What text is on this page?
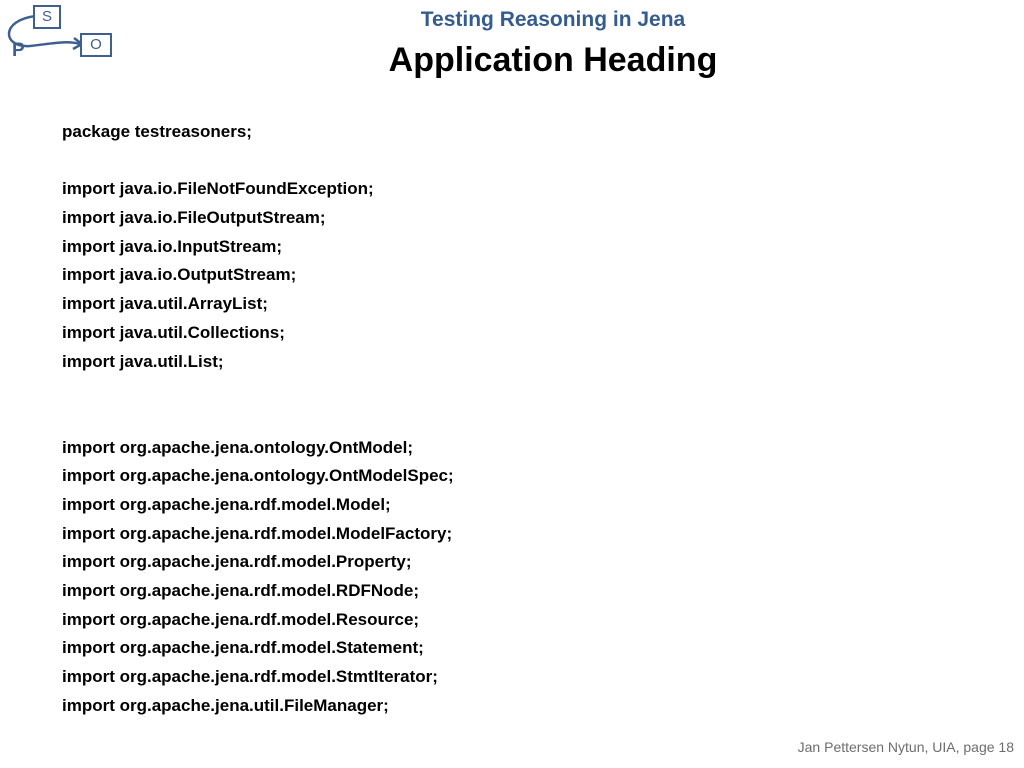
S
P	O
Testing Reasoning in Jena
Application Heading
package testreasoners;
import java.io.FileNotFoundException;
import java.io.FileOutputStream;
import java.io.InputStream;
import java.io.OutputStream;
import java.util.ArrayList;
import java.util.Collections;
import java.util.List;
import org.apache.jena.ontology.OntModel;
import org.apache.jena.ontology.OntModelSpec;
import org.apache.jena.rdf.model.Model;
import org.apache.jena.rdf.model.ModelFactory;
import org.apache.jena.rdf.model.Property;
import org.apache.jena.rdf.model.RDFNode;
import org.apache.jena.rdf.model.Resource;
import org.apache.jena.rdf.model.Statement;
import org.apache.jena.rdf.model.StmtIterator;
import org.apache.jena.util.FileManager;
Jan Pettersen Nytun, UIA, page 18
